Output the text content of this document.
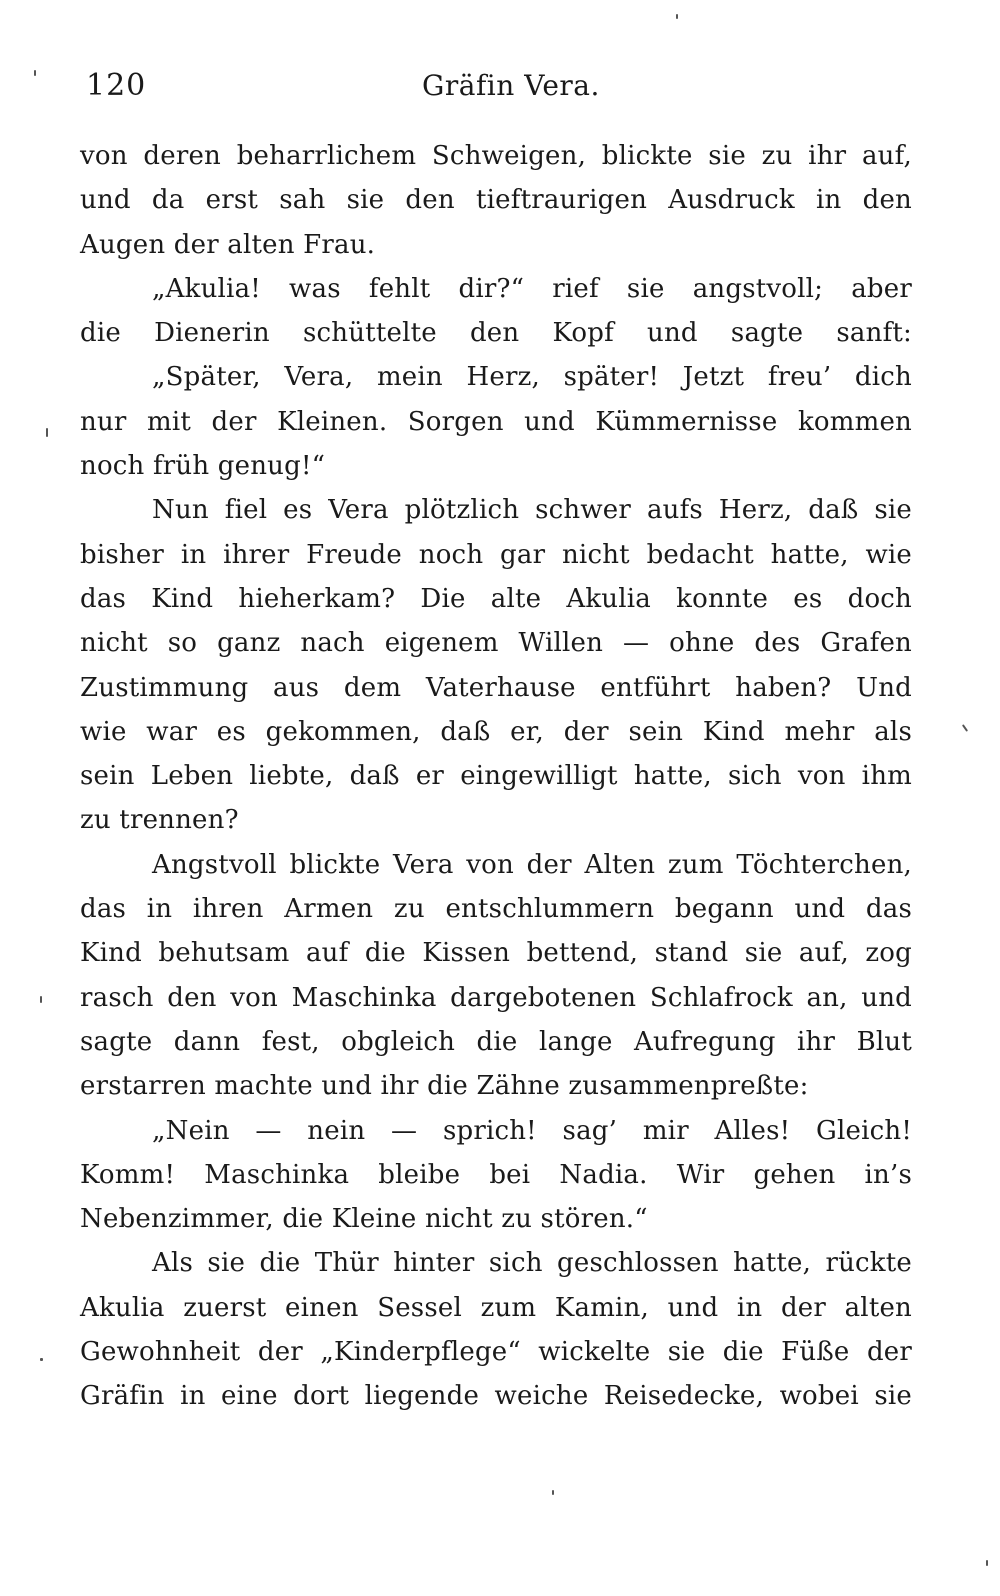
120	Gräfin Vera.
von deren beharrlichem Schweigen, blickte sie zu ihr auf,
und da erst sah sie den tieftraurigen Ausdruck in den
Augen der alten Frau.
„Akulia! was fehlt dir?“ rief sie angstvoll; aber
die Dienerin schüttelte den Kopf und sagte sanft:
„Später, Vera, mein Herz, später! Jetzt freu’ dich
nur mit der Kleinen. Sorgen und Kümmernisse kommen
noch früh genug!“
Nun fiel es Vera plötzlich schwer aufs Herz, daß sie
bisher in ihrer Freude noch gar nicht bedacht hatte, wie
das Kind hieherkam? Die alte Akulia konnte es doch
nicht so ganz nach eigenem Willen — ohne des Grafen
Zustimmung aus dem Vaterhause entführt haben? Und
wie war es gekommen, daß er, der sein Kind mehr als
sein Leben liebte, daß er eingewilligt hatte, sich von ihm
zu trennen?
Angstvoll blickte Vera von der Alten zum Töchterchen,
das in ihren Armen zu entschlummern begann und das
Kind behutsam auf die Kissen bettend, stand sie auf, zog
rasch den von Maschinka dargebotenen Schlafrock an, und
sagte dann fest, obgleich die lange Aufregung ihr Blut
erstarren machte und ihr die Zähne zusammenpreßte:
„Nein — nein — sprich! sag’ mir Alles! Gleich!
Komm! Maschinka bleibe bei Nadia. Wir gehen in’s
Nebenzimmer, die Kleine nicht zu stören.“
Als sie die Thür hinter sich geschlossen hatte, rückte
Akulia zuerst einen Sessel zum Kamin, und in der alten
Gewohnheit der „Kinderpflege“ wickelte sie die Füße der
Gräfin in eine dort liegende weiche Reisedecke, wobei sie
